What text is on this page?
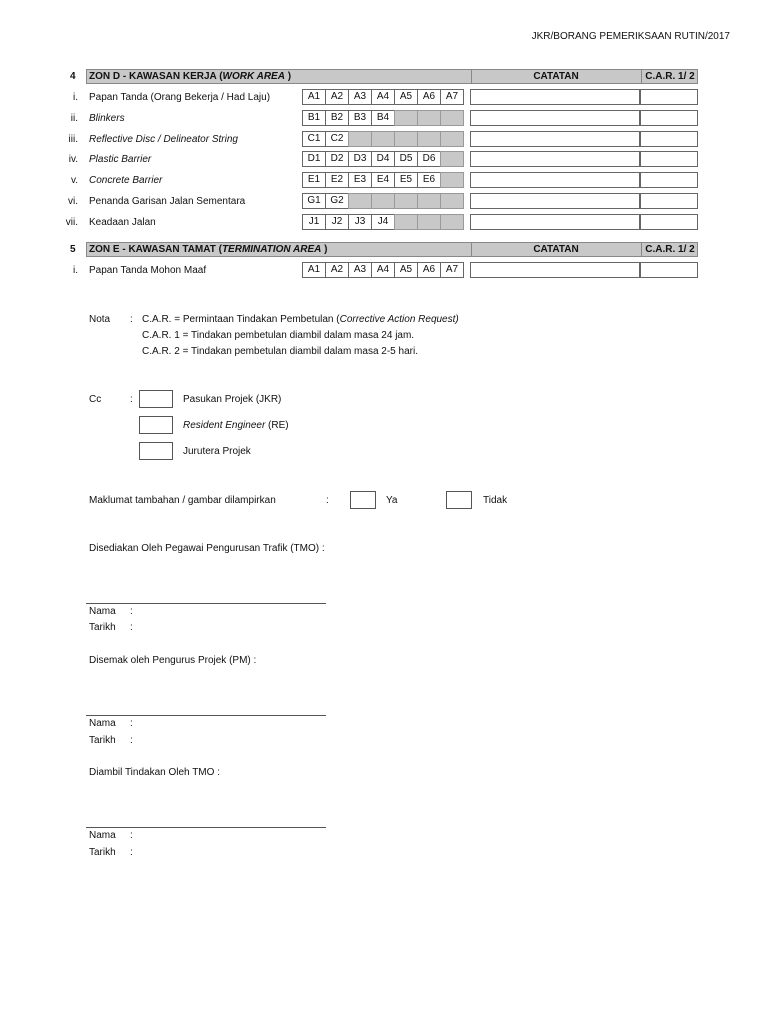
JKR/BORANG PEMERIKSAAN RUTIN/2017
4 ZON D - KAWASAN KERJA (WORK AREA )	CATATAN	C.A.R. 1/ 2
i. Papan Tanda (Orang Bekerja / Had Laju)	A1	A2	A3	A4	A5	A6	A7
ii. Blinkers	B1	B2	B3	B4
iii. Reflective Disc / Delineator String	C1	C2
iv. Plastic Barrier	D1	D2	D3	D4	D5	D6
v. Concrete Barrier	E1	E2	E3	E4	E5	E6
vi. Penanda Garisan Jalan Sementara	G1 G2
vii. Keadaan Jalan	J1	J2	J3	J4
5 ZON E - KAWASAN TAMAT (TERMINATION AREA )	CATATAN	C.A.R. 1/ 2
i. Papan Tanda Mohon Maaf	A1	A2	A3	A4	A5	A6	A7
Nota : C.A.R. = Permintaan Tindakan Pembetulan (Corrective Action Request)
C.A.R. 1 = Tindakan pembetulan diambil dalam masa 24 jam.
C.A.R. 2 = Tindakan pembetulan diambil dalam masa 2-5 hari.
Cc	:	Pasukan Projek (JKR)
Resident Engineer (RE)
Jurutera Projek
Maklumat tambahan / gambar dilampirkan	:	Ya	Tidak
Disediakan Oleh Pegawai Pengurusan Trafik (TMO) :
Nama :
Tarikh :
Disemak oleh Pengurus Projek (PM) :
Nama :
Tarikh :
Diambil Tindakan Oleh TMO :
Nama :
Tarikh :
